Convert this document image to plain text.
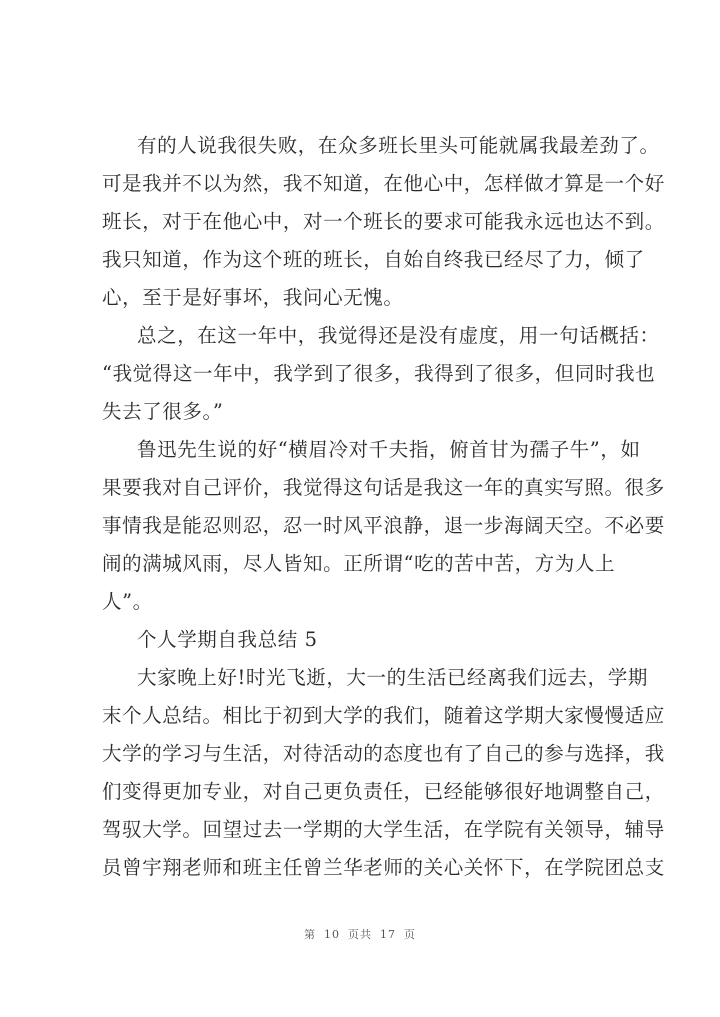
有的人说我很失败，在众多班长里头可能就属我最差劲了。
可是我并不以为然，我不知道，在他心中，怎样做才算是一个好
班长，对于在他心中，对一个班长的要求可能我永远也达不到。
我只知道，作为这个班的班长，自始自终我已经尽了力，倾了
心，至于是好事坏，我问心无愧。
总之，在这一年中，我觉得还是没有虚度，用一句话概括：
“我觉得这一年中，我学到了很多，我得到了很多，但同时我也
失去了很多。”
鲁迅先生说的好“横眉冷对千夫指，俯首甘为孺子牛”，如
果要我对自己评价，我觉得这句话是我这一年的真实写照。很多
事情我是能忍则忍，忍一时风平浪静，退一步海阔天空。不必要
闹的满城风雨，尽人皆知。正所谓“吃的苦中苦，方为人上
人”。
个人学期自我总结 5
大家晚上好!时光飞逝，大一的生活已经离我们远去，学期
末个人总结。相比于初到大学的我们，随着这学期大家慢慢适应
大学的学习与生活，对待活动的态度也有了自己的参与选择，我
们变得更加专业，对自己更负责任，已经能够很好地调整自己，
驾驭大学。回望过去一学期的大学生活，在学院有关领导，辅导
员曾宇翔老师和班主任曾兰华老师的关心关怀下，在学院团总支
第 10 页共 17 页
